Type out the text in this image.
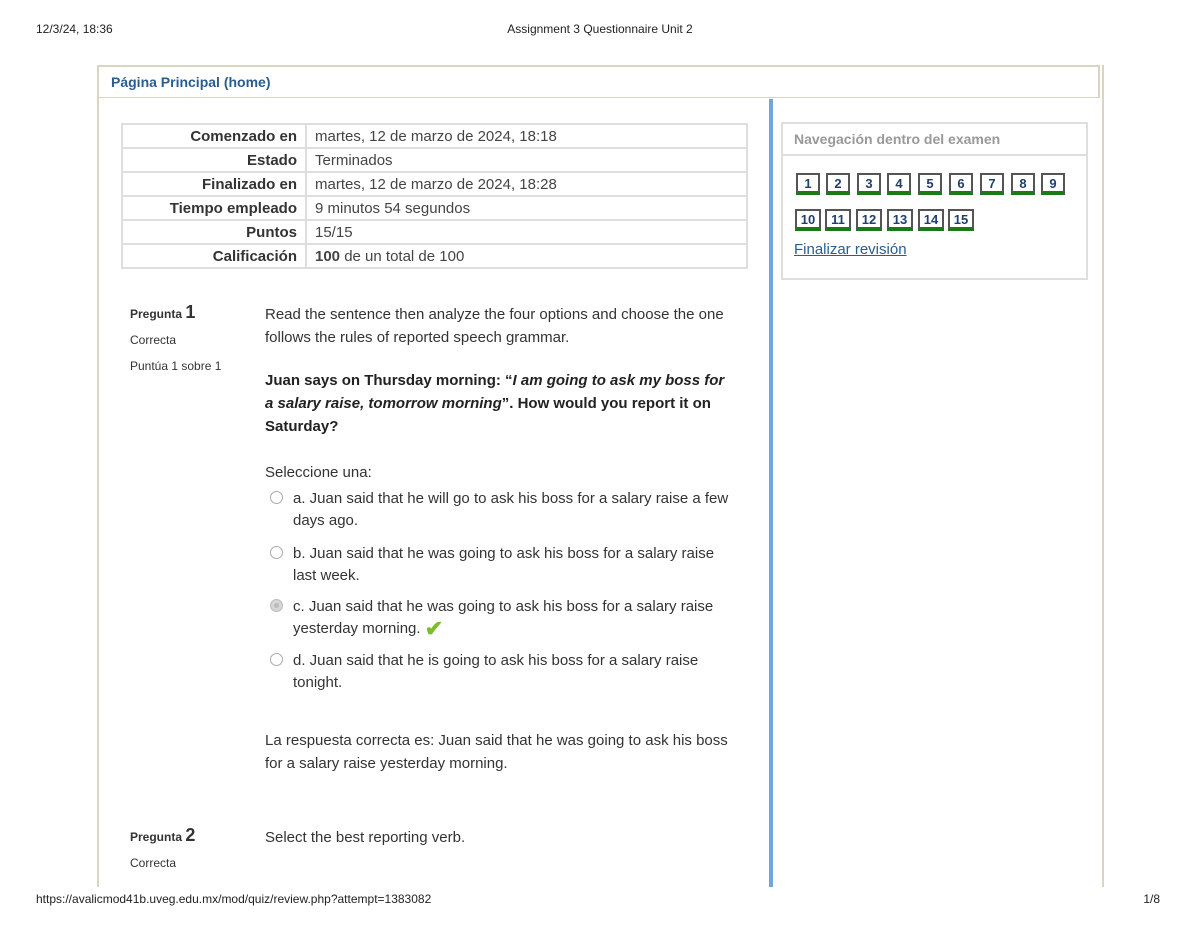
12/3/24, 18:36	Assignment 3 Questionnaire Unit 2
Página Principal (home)
Comenzado en	martes, 12 de marzo de 2024, 18:18
Estado	Terminados
Finalizado en	martes, 12 de marzo de 2024, 18:28
Tiempo empleado	9 minutos 54 segundos
Puntos	15/15
Calificación	100 de un total de 100
Pregunta 1
Correcta
Puntúa 1 sobre 1
Read the sentence then analyze the four options and choose the one follows the rules of reported speech grammar.
Juan says on Thursday morning: “I am going to ask my boss for a salary raise, tomorrow morning”. How would you report it on Saturday?
Seleccione una:
a. Juan said that he will go to ask his boss for a salary raise a few days ago.
b. Juan said that he was going to ask his boss for a salary raise last week.
c. Juan said that he was going to ask his boss for a salary raise yesterday morning. ✔
d. Juan said that he is going to ask his boss for a salary raise tonight.
La respuesta correcta es: Juan said that he was going to ask his boss for a salary raise yesterday morning.
Pregunta 2
Correcta
Select the best reporting verb.
Navegación dentro del examen
1	2	3	4	5	6	7	8	9
10	11	12	13	14	15
Finalizar revisión
https://avalicmod41b.uveg.edu.mx/mod/quiz/review.php?attempt=1383082	1/8
